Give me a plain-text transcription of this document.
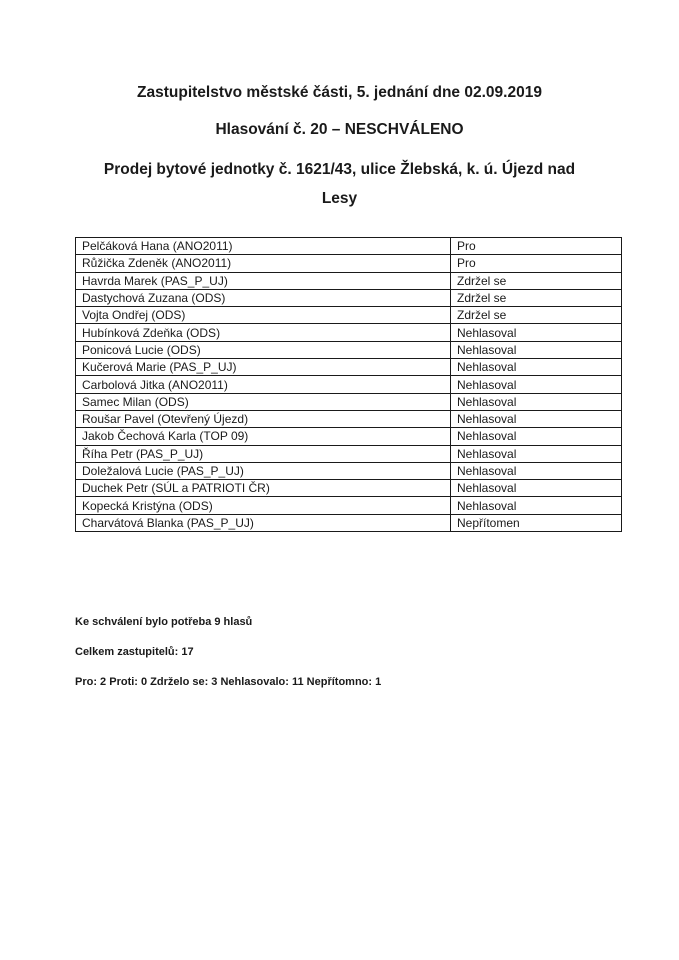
Zastupitelstvo městské části, 5. jednání dne 02.09.2019
Hlasování č. 20 – NESCHVÁLENO
Prodej bytové jednotky č. 1621/43, ulice Žlebská, k. ú. Újezd nad
Lesy
Pelčáková Hana (ANO2011)	Pro
Růžička Zdeněk (ANO2011)	Pro
Havrda Marek (PAS_P_UJ)	Zdržel se
Dastychová Zuzana (ODS)	Zdržel se
Vojta Ondřej (ODS)	Zdržel se
Hubínková Zdeňka (ODS)	Nehlasoval
Ponicová Lucie (ODS)	Nehlasoval
Kučerová Marie (PAS_P_UJ)	Nehlasoval
Carbolová Jitka (ANO2011)	Nehlasoval
Samec Milan (ODS)	Nehlasoval
Roušar Pavel (Otevřený Újezd)	Nehlasoval
Jakob Čechová Karla (TOP 09)	Nehlasoval
Říha Petr (PAS_P_UJ)	Nehlasoval
Doležalová Lucie (PAS_P_UJ)	Nehlasoval
Duchek Petr (SÚL a PATRIOTI ČR)	Nehlasoval
Kopecká Kristýna (ODS)	Nehlasoval
Charvátová Blanka (PAS_P_UJ)	Nepřítomen

Ke schválení bylo potřeba 9 hlasů

Celkem zastupitelů: 17

Pro: 2 Proti: 0 Zdrželo se: 3 Nehlasovalo: 11 Nepřítomno: 1
